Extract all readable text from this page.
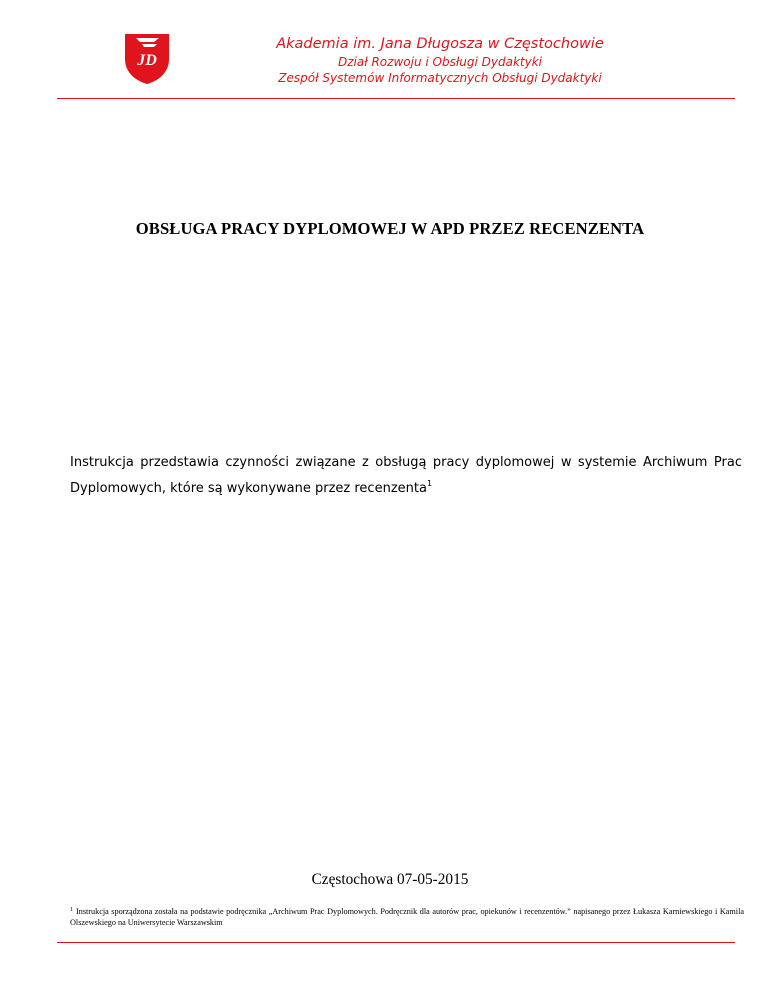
JD
Akademia im. Jana Długosza w Częstochowie
Dział Rozwoju i Obsługi Dydaktyki
Zespół Systemów Informatycznych Obsługi Dydaktyki
OBSŁUGA PRACY DYPLOMOWEJ W APD PRZEZ RECENZENTA
Instrukcja przedstawia czynności związane z obsługą pracy dyplomowej w systemie Archiwum Prac Dyplomowych, które są wykonywane przez recenzenta$^1$
Częstochowa 07-05-2015
$^1$ Instrukcja sporządzona została na podstawie podręcznika „Archiwum Prac Dyplomowych. Podręcznik dla autorów prac, opiekunów i recenzentów.” napisanego przez Łukasza Karniewskiego i Kamila Olszewskiego na Uniwersytecie Warszawskim
